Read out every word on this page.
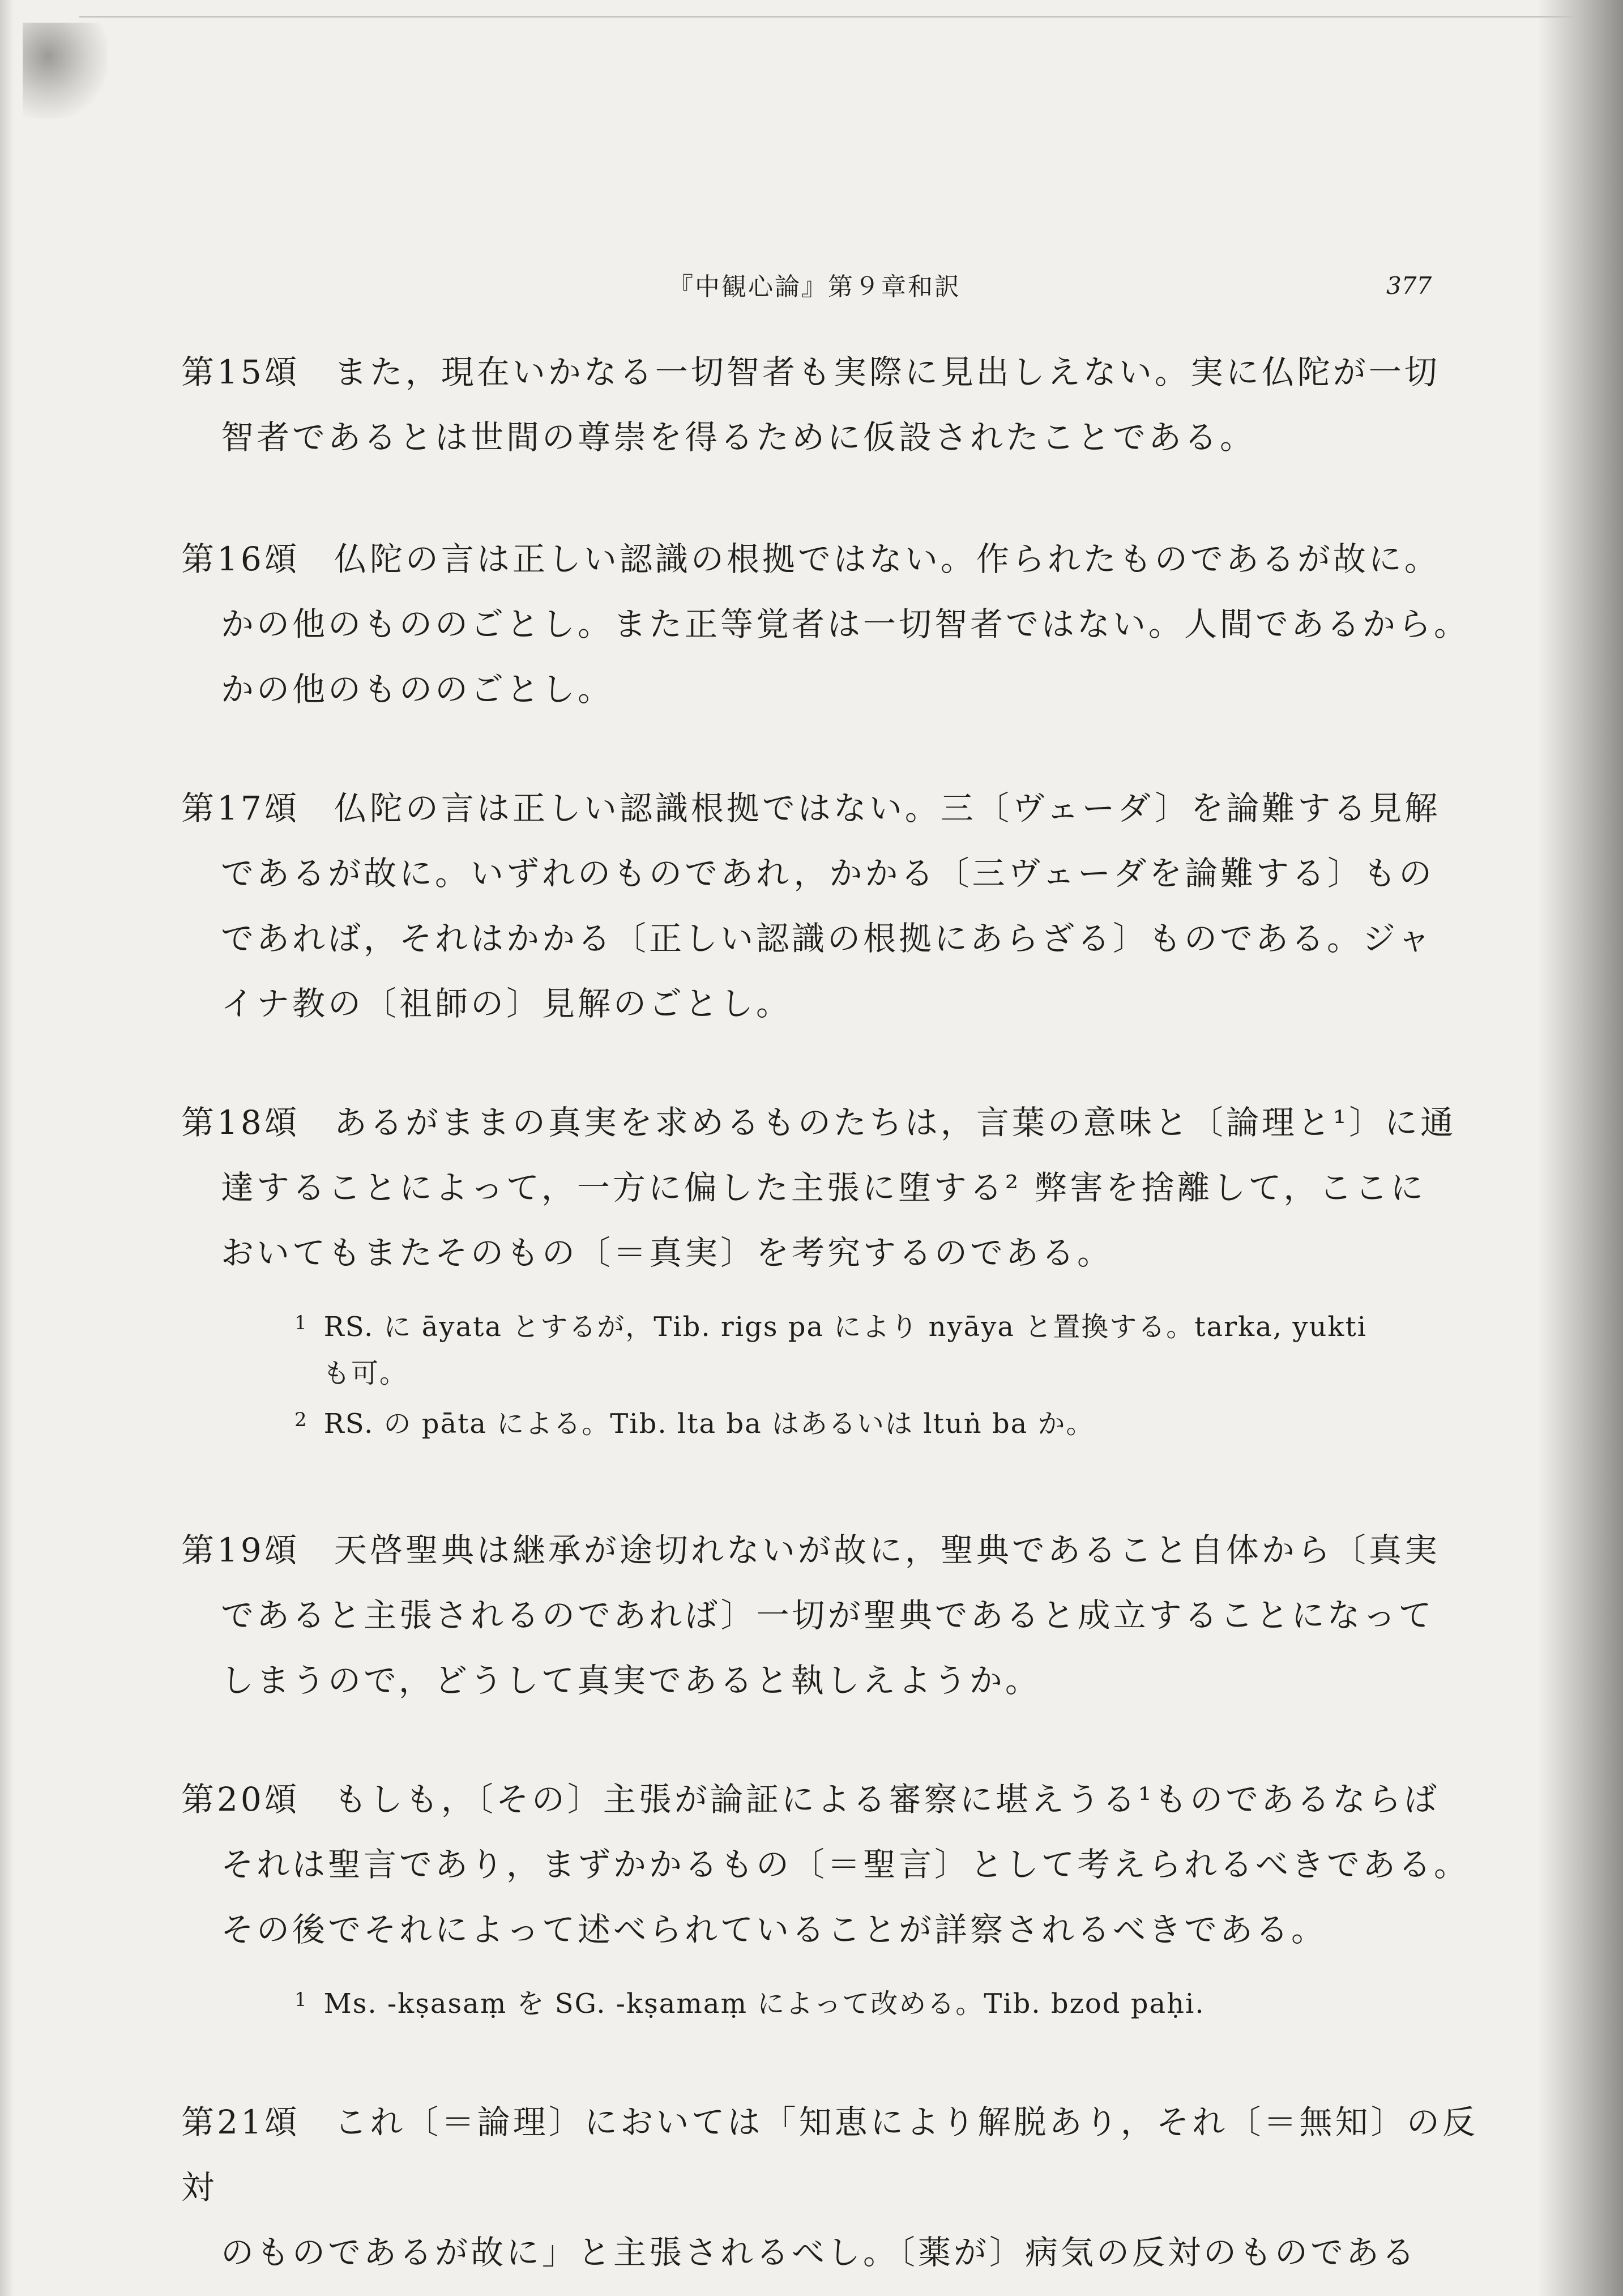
『中観心論』第９章和訳	377

第15頌 また，現在いかなる一切智者も実際に見出しえない。実に仏陀が一切

智者であるとは世間の尊崇を得るために仮設されたことである。

第16頌 仏陀の言は正しい認識の根拠ではない。作られたものであるが故に。

かの他のもののごとし。また正等覚者は一切智者ではない。人間であるから。

かの他のもののごとし。

第17頌 仏陀の言は正しい認識根拠ではない。三〔ヴェーダ〕を論難する見解

であるが故に。いずれのものであれ，かかる〔三ヴェーダを論難する〕もの

であれば，それはかかる〔正しい認識の根拠にあらざる〕ものである。ジャ

イナ教の〔祖師の〕見解のごとし。

第18頌 あるがままの真実を求めるものたちは，言葉の意味と〔論理と¹〕に通

達することによって，一方に偏した主張に堕する² 弊害を捨離して，ここに

おいてもまたそのもの〔＝真実〕を考究するのである。

1 RS. に āyata とするが，Tib. rigs pa により nyāya と置換する。tarka, yukti

も可。

2 RS. の pāta による。Tib. lta ba はあるいは ltuṅ ba か。

第19頌 天啓聖典は継承が途切れないが故に，聖典であること自体から〔真実

であると主張されるのであれば〕一切が聖典であると成立することになって

しまうので，どうして真実であると執しえようか。

第20頌 もしも，〔その〕主張が論証による審察に堪えうる¹ものであるならば

それは聖言であり，まずかかるもの〔＝聖言〕として考えられるべきである。

その後でそれによって述べられていることが詳察されるべきである。

1 Ms. -kṣasaṃ を SG. -kṣamaṃ によって改める。Tib. bzod paḥi.

第21頌 これ〔＝論理〕においては「知恵により解脱あり，それ〔＝無知〕の反対

のものであるが故に」と主張されるべし。〔薬が〕病気の反対のものである
